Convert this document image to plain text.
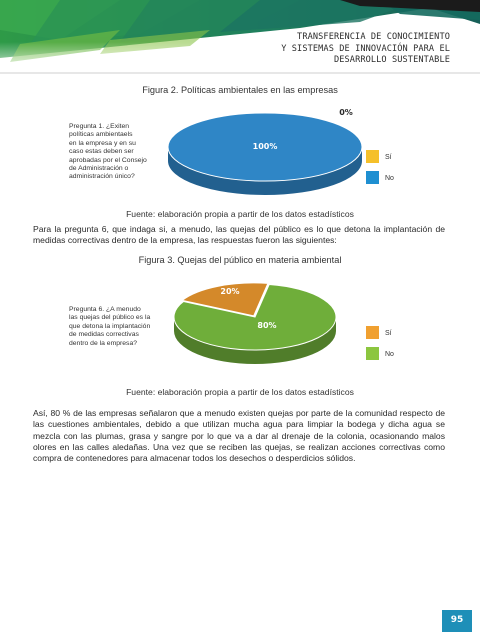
TRANSFERENCIA DE CONOCIMIENTO
Y SISTEMAS DE INNOVACIÓN PARA EL
DESARROLLO SUSTENTABLE
Figura 2. Políticas ambientales en las empresas
Pregunta 1. ¿Exiten
políticas ambientaels
en la empresa y en su
caso estas deben ser
aprobadas por el Consejo
de Administración o
administración único?
0%
100%
Sí
No
Fuente: elaboración propia a partir de los datos estadísticos
Para la pregunta 6, que indaga si, a menudo, las quejas del público es lo que detona la implantación de medidas correctivas dentro de la empresa, las respuestas fueron las siguientes:
Figura 3. Quejas del público en materia ambiental
Pregunta 6. ¿A menudo
las quejas del público es la
que detona la implantación
de medidas correctivas
dentro de la empresa?
20%
80%
Sí
No
Fuente: elaboración propia a partir de los datos estadísticos
Así, 80 % de las empresas señalaron que a menudo existen quejas por parte de la comunidad respecto de las cuestiones ambientales, debido a que utilizan mucha agua para limpiar la bodega y dicha agua se mezcla con las plumas, grasa y sangre por lo que va a dar al drenaje de la colonia, ocasionando malos olores en las calles aledañas. Una vez que se reciben las quejas, se realizan acciones correctivas como compra de contenedores para almacenar todos los desechos o desperdicios sólidos.
95
